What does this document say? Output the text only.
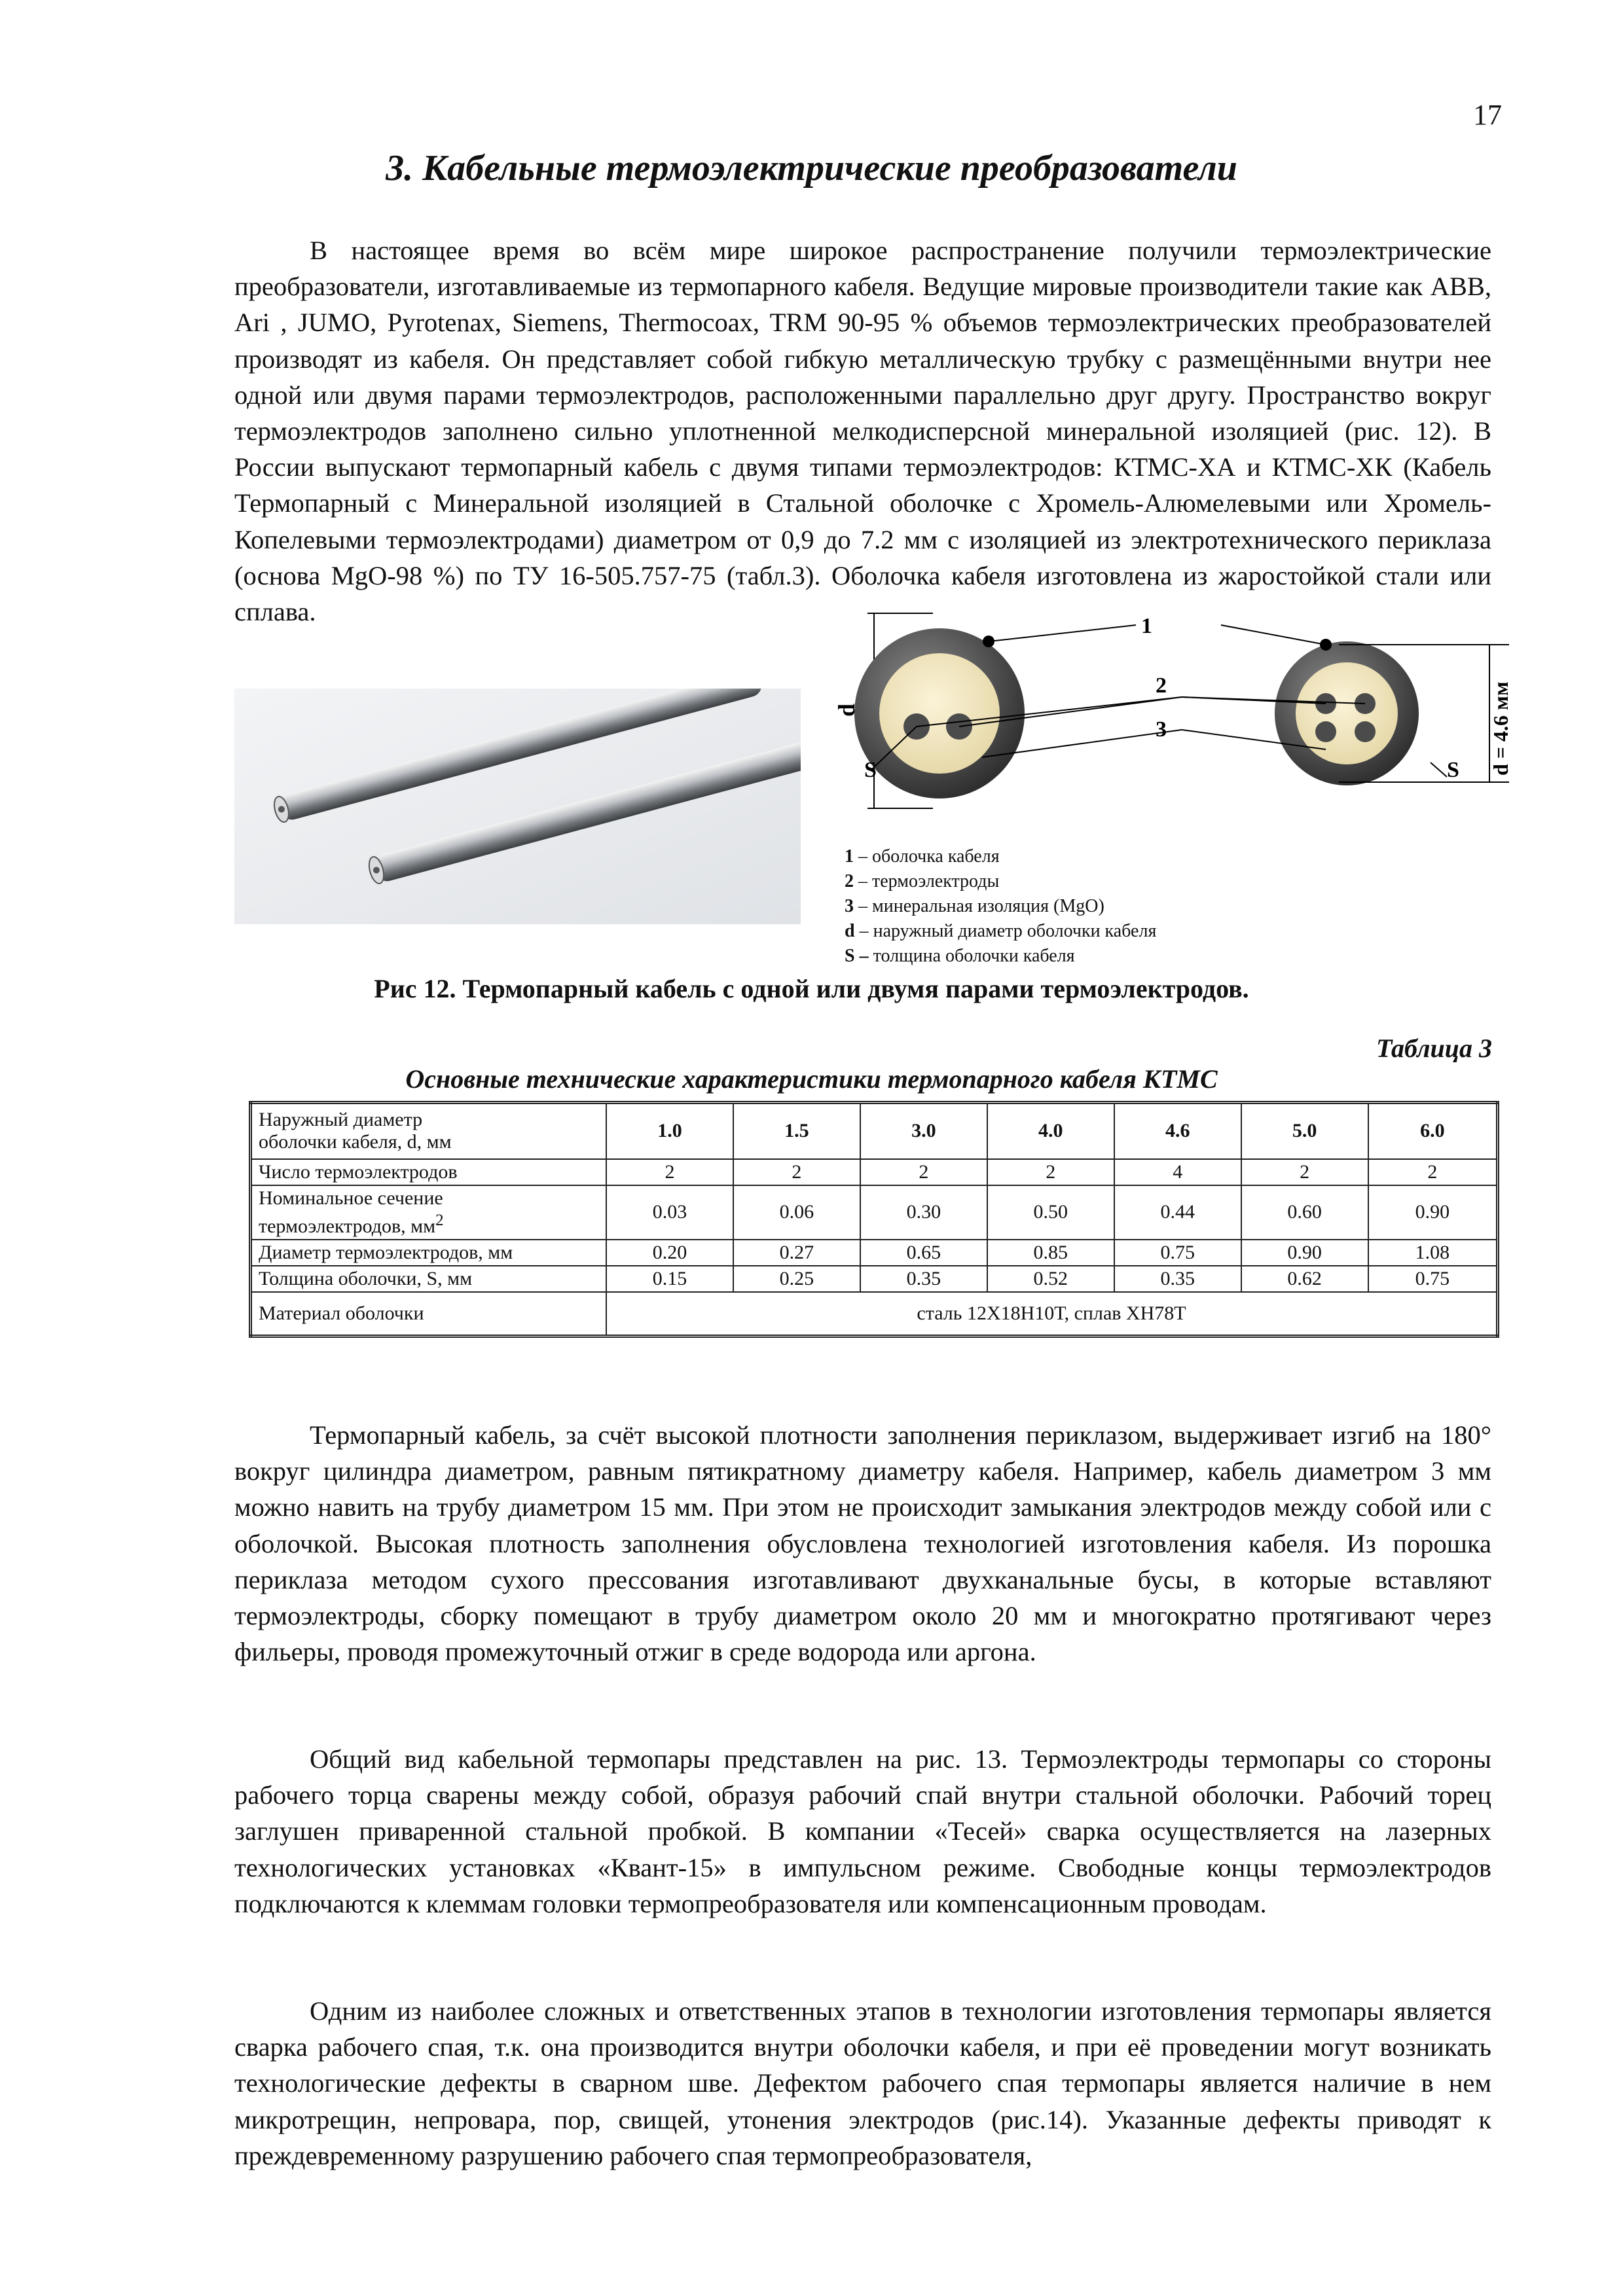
17
3. Кабельные термоэлектрические преобразователи

В настоящее время во всём мире широкое распространение получили термоэлектрические преобразователи, изготавливаемые из термопарного кабеля. Ведущие мировые производители такие как ABB, Ari , JUMO, Pyrotenax, Siemens, Thermocoax, TRM 90-95 % объемов термоэлектрических преобразователей производят из кабеля. Он представляет собой гибкую металлическую трубку с размещёнными внутри нее одной или двумя парами термоэлектродов, расположенными параллельно друг другу. Пространство вокруг термоэлектродов заполнено сильно уплотненной мелкодисперсной минеральной изоляцией (рис. 12). В России выпускают термопарный кабель с двумя типами термоэлектродов: КТМС-ХА и КТМС-ХК (Кабель Термопарный с Минеральной изоляцией в Стальной оболочке с Хромель-Алюмелевыми или Хромель-Копелевыми термоэлектродами) диаметром от 0,9 до 7.2 мм с изоляцией из электротехнического периклаза (основа MgO-98 %) по ТУ 16-505.757-75 (табл.3). Оболочка кабеля изготовлена из жаростойкой стали или сплава.	1
2
3
d
S	S d = 4.6 мм
1 – оболочка кабеля
2 – термоэлектроды
3 – минеральная изоляция (MgO)
d – наружный диаметр оболочки кабеля
S – толщина оболочки кабеля
Рис 12. Термопарный кабель с одной или двумя парами термоэлектродов.
Таблица 3
Основные технические характеристики термопарного кабеля КТМС
Наружный диаметр
оболочки кабеля, d, мм	1.0	1.5	3.0	4.0	4.6	5.0	6.0
Число термоэлектродов	2	2	2	2	4	2	2
Номинальное сечение
термоэлектродов, $мм^2$	0.03	0.06	0.30	0.50	0.44	0.60	0.90
Диаметр термоэлектродов, мм	0.20	0.27	0.65	0.85	0.75	0.90	1.08
Толщина оболочки, S, мм	0.15	0.25	0.35	0.52	0.35	0.62	0.75
Материал оболочки	сталь 12Х18Н10Т, сплав ХН78Т						

Термопарный кабель, за счёт высокой плотности заполнения периклазом, выдерживает изгиб на 180° вокруг цилиндра диаметром, равным пятикратному диаметру кабеля. Например, кабель диаметром 3 мм можно навить на трубу диаметром 15 мм. При этом не происходит замыкания электродов между собой или с оболочкой. Высокая плотность заполнения обусловлена технологией изготовления кабеля. Из порошка периклаза методом сухого прессования изготавливают двухканальные бусы, в которые вставляют термоэлектроды, сборку помещают в трубу диаметром около 20 мм и многократно протягивают через фильеры, проводя промежуточный отжиг в среде водорода или аргона.

Общий вид кабельной термопары представлен на рис. 13. Термоэлектроды термопары со стороны рабочего торца сварены между собой, образуя рабочий спай внутри стальной оболочки. Рабочий торец заглушен приваренной стальной пробкой. В компании «Тесей» сварка осуществляется на лазерных технологических установках «Квант-15» в импульсном режиме. Свободные концы термоэлектродов подключаются к клеммам головки термопреобразователя или компенсационным проводам.

Одним из наиболее сложных и ответственных этапов в технологии изготовления термопары является сварка рабочего спая, т.к. она производится внутри оболочки кабеля, и при её проведении могут возникать технологические дефекты в сварном шве. Дефектом рабочего спая термопары является наличие в нем микротрещин, непровара, пор, свищей, утонения электродов (рис.14). Указанные дефекты приводят к преждевременному разрушению рабочего спая термопреобразователя,
